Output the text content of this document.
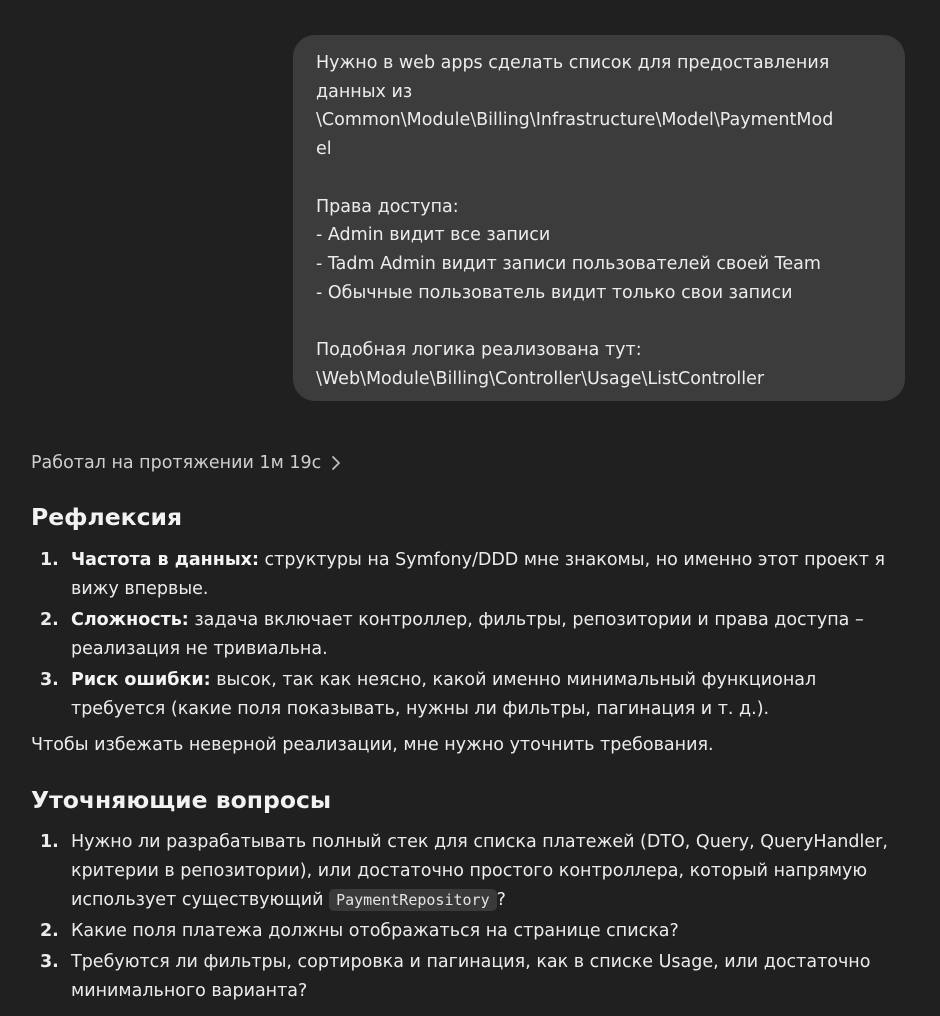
Нужно в web apps сделать список для предоставления
данных из
\Common\Module\Billing\Infrastructure\Model\PaymentMod
el
Права доступа:
- Admin видит все записи
- Tadm Admin видит записи пользователей своей Team
- Обычные пользователь видит только свои записи
Подобная логика реализована тут:
\Web\Module\Billing\Controller\Usage\ListController
Работал на протяжении 1м 19с
Рефлексия
1. Частота в данных: структуры на Symfony/DDD мне знакомы, но именно этот проект я вижу впервые.
2. Сложность: задача включает контроллер, фильтры, репозитории и права доступа – реализация не тривиальна.
3. Риск ошибки: высок, так как неясно, какой именно минимальный функционал требуется (какие поля показывать, нужны ли фильтры, пагинация и т. д.).
Чтобы избежать неверной реализации, мне нужно уточнить требования.
Уточняющие вопросы
1. Нужно ли разрабатывать полный стек для списка платежей (DTO, Query, QueryHandler, критерии в репозитории), или достаточно простого контроллера, который напрямую использует существующий PaymentRepository ?
2. Какие поля платежа должны отображаться на странице списка?
3. Требуются ли фильтры, сортировка и пагинация, как в списке Usage, или достаточно минимального варианта?
